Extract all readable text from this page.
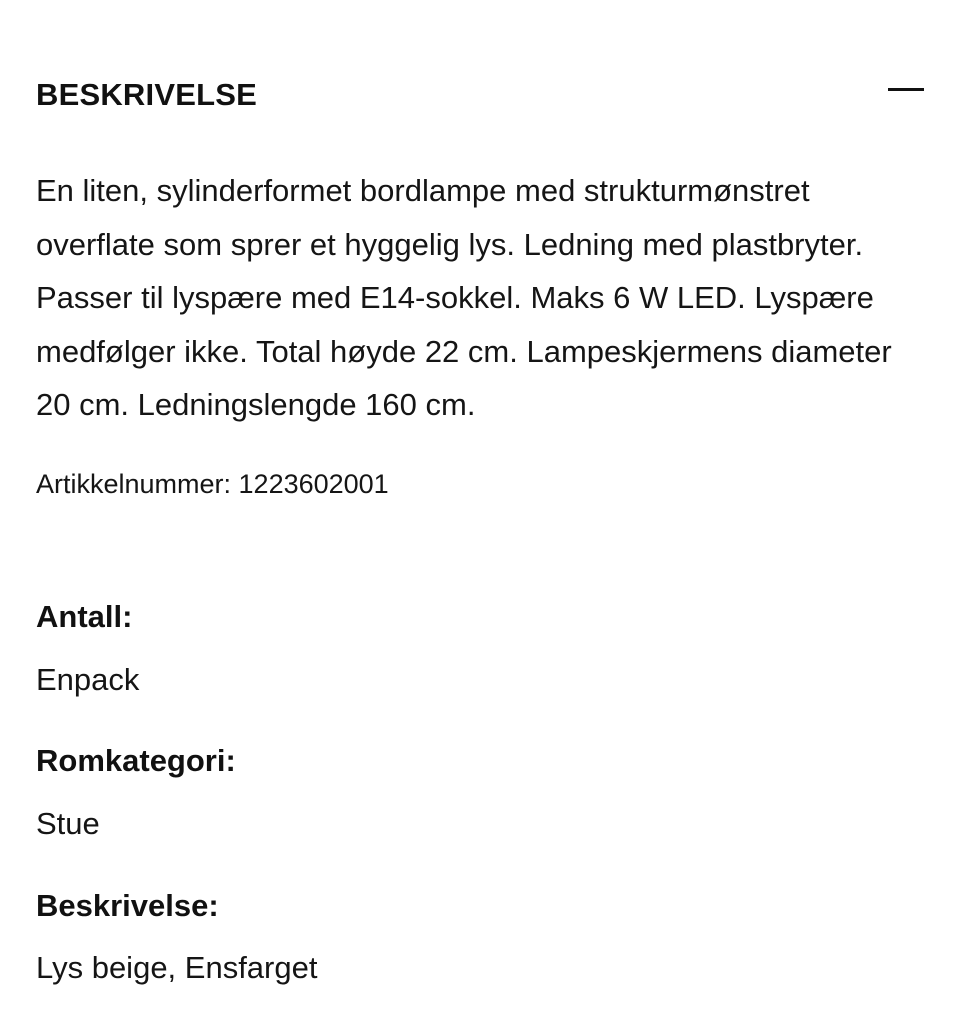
BESKRIVELSE

En liten, sylinderformet bordlampe med strukturmønstret overflate som sprer et hyggelig lys. Ledning med plastbryter. Passer til lyspære med E14-sokkel. Maks 6 W LED. Lyspære medfølger ikke. Total høyde 22 cm. Lampeskjermens diameter 20 cm. Ledningslengde 160 cm.

Artikkelnummer: 1223602001
Antall:
Enpack
Romkategori:
Stue
Beskrivelse:
Lys beige, Ensfarget
